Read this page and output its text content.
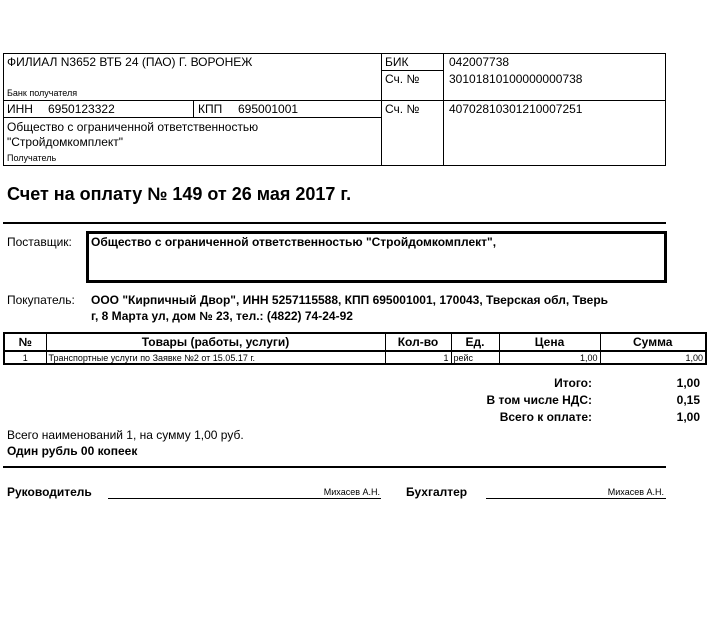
ФИЛИАЛ N3652 ВТБ 24 (ПАО) Г. ВОРОНЕЖ
Банк получателя
БИК	042007738
Сч. № 30101810100000000738
ИНН 6950123322	КПП 695001001	Сч. № 40702810301210007251
Общество с ограниченной ответственностью
"Стройдомкомплект"
Получатель
Счет на оплату № 149 от 26 мая 2017 г.
Поставщик: Общество с ограниченной ответственностью "Стройдомкомплект",
Покупатель: ООО "Кирпичный Двор", ИНН 5257115588, КПП 695001001, 170043, Тверская обл, Тверь
г, 8 Марта ул, дом № 23, тел.: (4822) 74-24-92
№	Товары (работы, услуги)	Кол-во	Ед.	Цена	Сумма
1	Транспортные услуги по Заявке №2 от 15.05.17 г.	1	рейс	1,00	1,00
Итого:	1,00
В том числе НДС:	0,15
Всего к оплате:	1,00
Всего наименований 1, на сумму 1,00 руб.
Один рубль 00 копеек
Руководитель	Михасев А.Н. Бухгалтер	Михасев А.Н.
